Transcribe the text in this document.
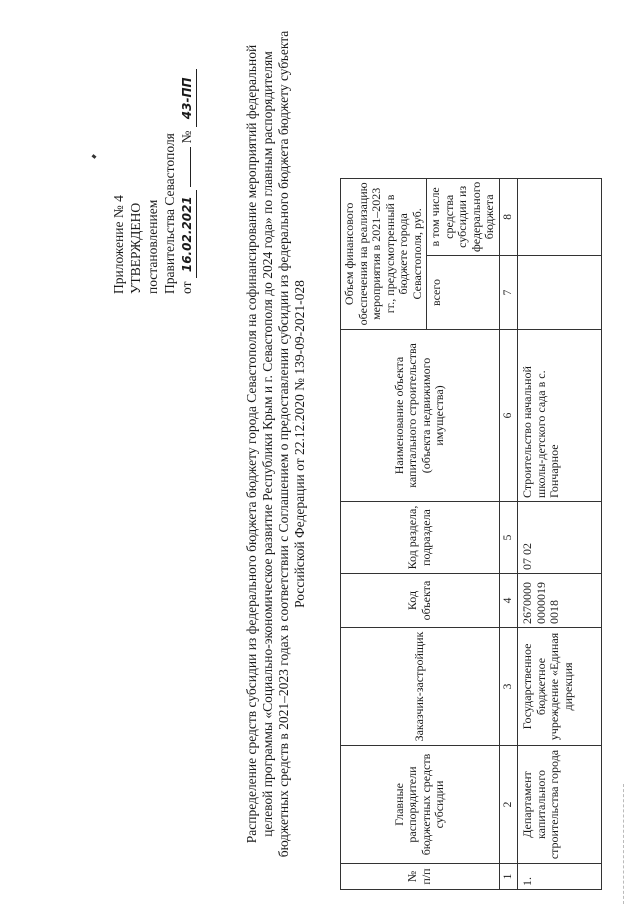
Приложение № 4 УТВЕРЖДЕНО постановлением Правительства Севастополя от 16.02.2021  № 43-ПП	Распределение средств субсидии из федерального бюджета бюджету города Севастополя на софинансирование мероприятий федеральной целевой программы «Социально-экономическое развитие Республики Крым и г. Севастополя до 2024 года» по главным распорядителям бюджетных средств в 2021–2023 годах в соответствии с Соглашением о предоставлении субсидии из федерального бюджета бюджету субъекта Российской Федерации от 22.12.2020 № 139-09-2021-028
№ п/п	Главные распорядители бюджетных средств субсидии	Заказчик-застройщик	Код объекта	Код раздела, подраздела	Наименование объекта капитального строительства (объекта недвижимого имущества)	Объем финансового обеспечения на реализацию мероприятия в 2021–2023 гг., предусмотренный в бюджете города Севастополя, руб.	
						всего	в том числе средства субсидии из федерального бюджета
1	2	3	4	5	6	7	8
1.	Департамент капитального строительства города	Государственное бюджетное учреждение «Единая дирекция	2670000 0000019 0018	07 02	Строительство начальной школы-детского сада в с. Гончарное		
